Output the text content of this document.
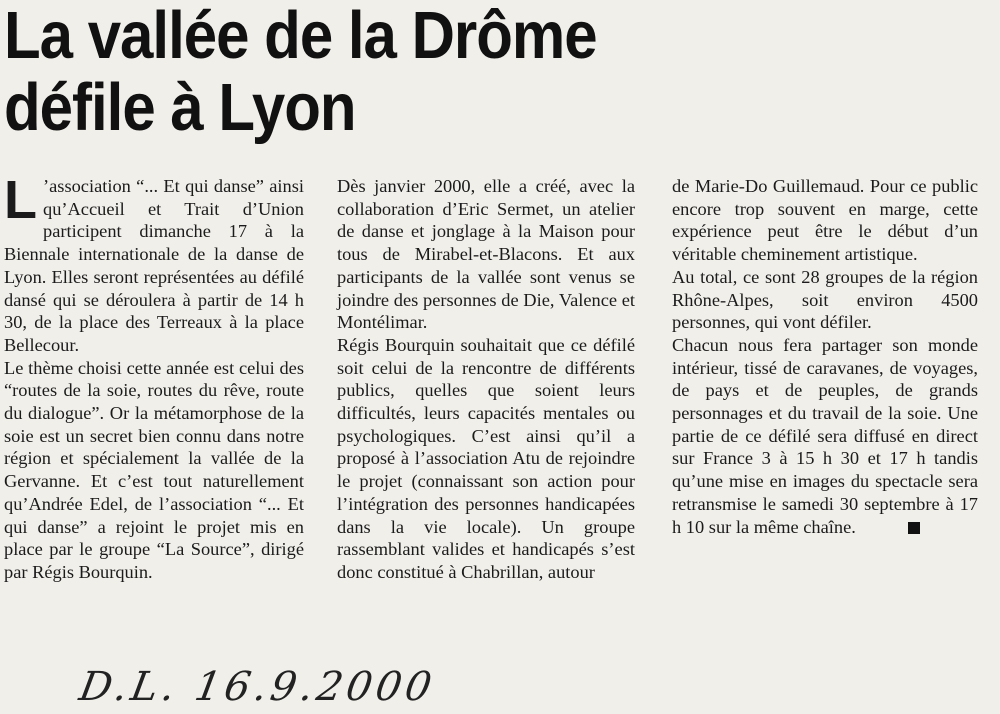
La vallée de la Drôme
défile à Lyon

L ’association “... Et qui danse” ainsi qu’Accueil et Trait d’Union participent dimanche 17 à la Biennale internationale de la danse de Lyon. Elles seront représentées au défilé dansé qui se déroulera à partir de 14 h 30, de la place des Terreaux à la place Bellecour.

Le thème choisi cette année est celui des “routes de la soie, routes du rêve, route du dialogue”. Or la métamorphose de la soie est un secret bien connu dans notre région et spécialement la vallée de la Gervanne. Et c’est tout naturellement qu’Andrée Edel, de l’association “... Et qui danse” a rejoint le projet mis en place par le groupe “La Source”, dirigé par Régis Bourquin.

Dès janvier 2000, elle a créé, avec la collaboration d’Eric Sermet, un atelier de danse et jonglage à la Maison pour tous de Mirabel-et-Blacons. Et aux participants de la vallée sont venus se joindre des personnes de Die, Valence et Montélimar.

Régis Bourquin souhaitait que ce défilé soit celui de la rencontre de différents publics, quelles que soient leurs difficultés, leurs capacités mentales ou psychologiques. C’est ainsi qu’il a proposé à l’association Atu de rejoindre le projet (connaissant son action pour l’intégration des personnes handicapées dans la vie locale). Un groupe rassemblant valides et handicapés s’est donc constitué à Chabrillan, autour

de Marie-Do Guillemaud. Pour ce public encore trop souvent en marge, cette expérience peut être le début d’un véritable cheminement artistique.

Au total, ce sont 28 groupes de la région Rhône-Alpes, soit environ 4500 personnes, qui vont défiler.

Chacun nous fera partager son monde intérieur, tissé de caravanes, de voyages, de pays et de peuples, de grands personnages et du travail de la soie. Une partie de ce défilé sera diffusé en direct sur France 3 à 15 h 30 et 17 h tandis qu’une mise en images du spectacle sera retransmise le samedi 30 septembre à 17 h 10 sur la même chaîne.

D.L. 16.9.2000
